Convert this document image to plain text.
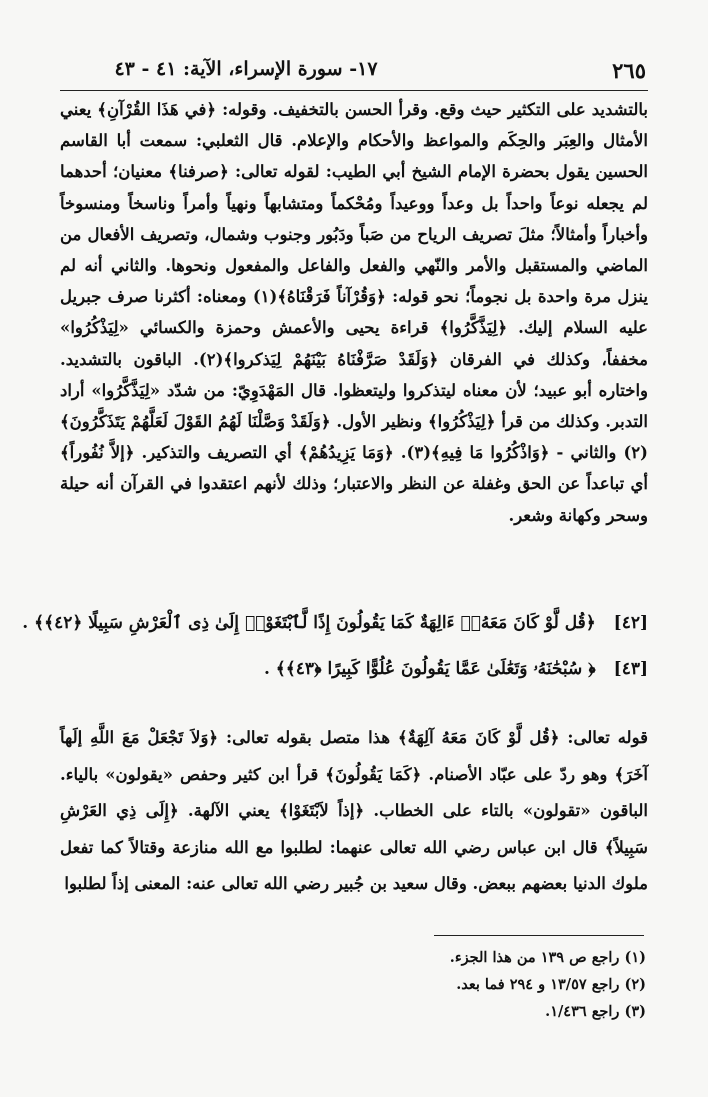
٢٦٥
١٧- سورة الإسراء، الآية: ٤١ - ٤٣

بالتشديد على التكثير حيث وقع. وقرأ الحسن بالتخفيف. وقوله: ﴿في هَذَا القُرْآنِ﴾ يعني الأمثال والعِبَر والحِكَم والمواعظ والأحكام والإعلام. قال الثعلبي: سمعت أبا القاسم الحسين يقول بحضرة الإمام الشيخ أبي الطيب: لقوله تعالى: ﴿صرفنا﴾ معنيان؛ أحدهما لم يجعله نوعاً واحداً بل وعداً ووعيداً ومُحْكماً ومتشابهاً ونهياً وأمراً وناسخاً ومنسوخاً وأخباراً وأمثالاً؛ مثلَ تصريف الرياح من صَباً ودَبُور وجنوب وشمال، وتصريف الأفعال من الماضي والمستقبل والأمر والنّهي والفعل والفاعل والمفعول ونحوها. والثاني أنه لم ينزل مرة واحدة بل نجوماً؛ نحو قوله: ﴿وَقُرْآناً فَرَقْنَاهُ﴾(١) ومعناه: أكثرنا صرف جبريل عليه السلام إليك. ﴿لِيَذَّكَّرُوا﴾ قراءة يحيى والأعمش وحمزة والكسائي «لِيَذْكُرُوا» مخففاً، وكذلك في الفرقان ﴿وَلَقَدْ صَرَّفْنَاهُ بَيْنَهُمْ لِيَذكروا﴾(٢). الباقون بالتشديد. واختاره أبو عبيد؛ لأن معناه ليتذكروا وليتعظوا. قال المَهْدَوِيّ: من شدّد «لِيَذَّكَّرُوا» أراد التدبر. وكذلك من قرأ ﴿لِيَذْكُرُوا﴾ ونظير الأول. ﴿وَلَقَدْ وَصَّلْنَا لَهُمُ القَوْلَ لَعَلَّهُمْ يَتَذَكَّرُونَ﴾(٢) والثاني - ﴿وَاذْكُرُوا مَا فِيهِ﴾(٣). ﴿وَمَا يَزِيدُهُمْ﴾ أي التصريف والتذكير. ﴿إلاَّ نُفُوراً﴾ أي تباعداً عن الحق وغفلة عن النظر والاعتبار؛ وذلك لأنهم اعتقدوا في القرآن أنه حيلة وسحر وكهانة وشعر.

[٤٢] ﴿قُل لَّوْ كَانَ مَعَهُۥٓ ءَالِهَةٌ كَمَا يَقُولُونَ إِذًا لَّٱبْتَغَوْا۟ إِلَىٰ ذِى ٱلْعَرْشِ سَبِيلًا ﴿٤٢﴾﴾ .
[٤٣] ﴿ سُبْحَٰنَهُۥ وَتَعَٰلَىٰ عَمَّا يَقُولُونَ عُلُوًّا كَبِيرًا ﴿٤٣﴾﴾ .

قوله تعالى: ﴿قُل لَّوْ كَانَ مَعَهُ آلِهَةٌ﴾ هذا متصل بقوله تعالى: ﴿وَلاَ تَجْعَلْ مَعَ اللَّهِ إلَهاً آخَرَ﴾ وهو ردّ على عبّاد الأصنام. ﴿كَمَا يَقُولُونَ﴾ قرأ ابن كثير وحفص «يقولون» بالياء. الباقون «تقولون» بالتاء على الخطاب. ﴿إذاً لاَبْتَغَوْا﴾ يعني الآلهة. ﴿إِلَى ذِي العَرْشِ سَبِيلاً﴾ قال ابن عباس رضي الله تعالى عنهما: لطلبوا مع الله منازعة وقتالاً كما تفعل ملوك الدنيا بعضهم ببعض. وقال سعيد بن جُبير رضي الله تعالى عنه: المعنى إذاً لطلبوا

(١) راجع ص ١٣٩ من هذا الجزء.
(٢) راجع ١٣/٥٧ و ٢٩٤ فما بعد.
(٣) راجع ١/٤٣٦.
